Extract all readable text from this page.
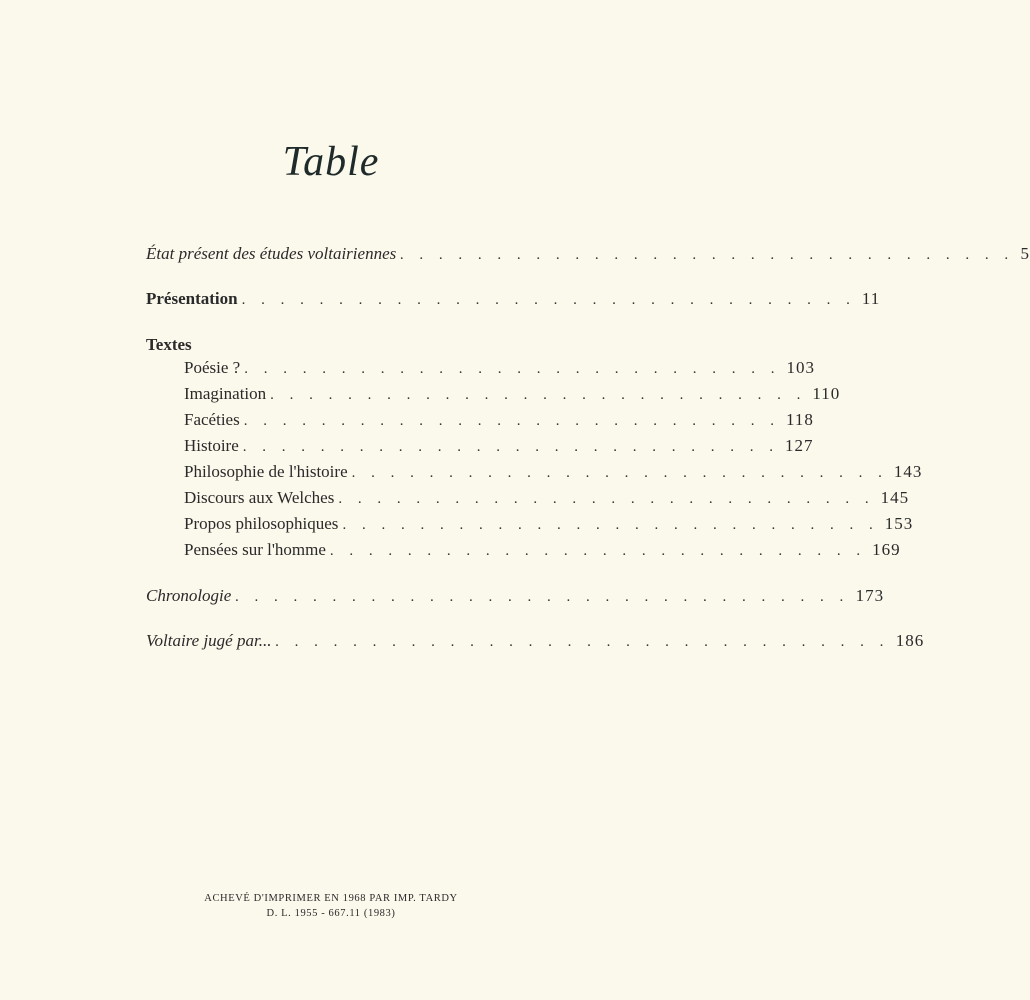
Table
État présent des études voltairiennes . . . . . . . . . . . . . . . . . . . . . . . . . . . . . . . . 5
Présentation . . . . . . . . . . . . . . . . . . . . . . . . . . . . . . . . 11
Textes
Poésie ? . . . . . . . . . . . . . . . . . . . . . . . . . . . . 103
Imagination . . . . . . . . . . . . . . . . . . . . . . . . . . . . 110
Facéties . . . . . . . . . . . . . . . . . . . . . . . . . . . . 118
Histoire . . . . . . . . . . . . . . . . . . . . . . . . . . . . 127
Philosophie de l'histoire . . . . . . . . . . . . . . . . . . . . . . . . . . . . 143
Discours aux Welches . . . . . . . . . . . . . . . . . . . . . . . . . . . . 145
Propos philosophiques . . . . . . . . . . . . . . . . . . . . . . . . . . . . 153
Pensées sur l'homme . . . . . . . . . . . . . . . . . . . . . . . . . . . . 169
Chronologie . . . . . . . . . . . . . . . . . . . . . . . . . . . . . . . . 173
Voltaire jugé par... . . . . . . . . . . . . . . . . . . . . . . . . . . . . . . . . 186
ACHEVÉ D'IMPRIMER EN 1968 PAR IMP. TARDY
D. L. 1955 - 667.11 (1983)
